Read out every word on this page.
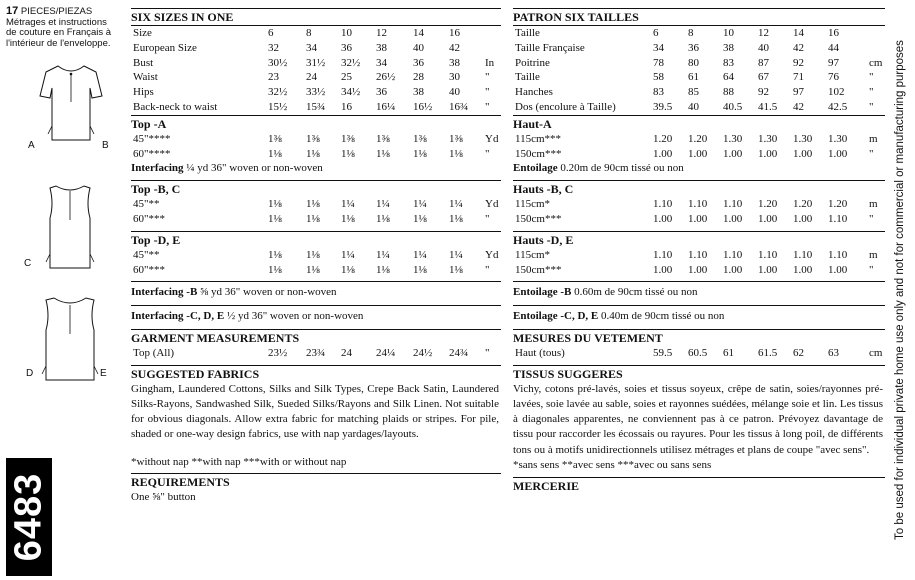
17 PIECES/PIEZAS
Métrages et instructions
de couture en Français à
l'intérieur de l'enveloppe.
A	B
C
D	E
6483
SIX SIZES IN ONE
Size	6	8	10 12 14 16
European Size	32 34 36 38 40 42
Bust	30½ 31½ 32½ 34 36 38 In
Waist	23 24 25 26½ 28 30 "
Hips	32½ 33½ 34½ 36 38 40 "
Back-neck to waist	15½ 15¾ 16 16¼ 16½ 16¾ "
Top -A
45"****	1⅜ 1⅜ 1⅜ 1⅜ 1⅜ 1⅜ Yd
60"****	1⅛ 1⅛ 1⅛ 1⅛ 1⅛ 1⅛ "
Interfacing ¼ yd 36" woven or non-woven
Top -B, C
45"**	1⅛ 1⅛ 1¼ 1¼ 1¼ 1¼ Yd
60"***	1⅛ 1⅛ 1⅛ 1⅛ 1⅛ 1⅛ "
Top -D, E
45"**	1⅛ 1⅛ 1¼ 1¼ 1¼ 1¼ Yd
60"***	1⅛ 1⅛ 1⅛ 1⅛ 1⅛ 1⅛ "
Interfacing -B ⅝ yd 36" woven or non-woven
Interfacing -C, D, E ½ yd 36" woven or non-woven
GARMENT MEASUREMENTS
Top (All)	23½ 23¾ 24 24¼ 24½ 24¾ "
SUGGESTED FABRICS
Gingham, Laundered Cottons, Silks and Silk Types, Crepe Back Satin, Laundered Silks-Rayons, Sandwashed Silk, Sueded Silks/Rayons and Silk Linen. Not suitable for obvious diagonals. Allow extra fabric for matching plaids or stripes. For pile, shaded or one-way design fabrics, use with nap yardages/layouts.
*without nap **with nap ***with or without nap
REQUIREMENTS
One ⅝" button
PATRON SIX TAILLES
Taille	6	8	10 12 14 16
Taille Française	34 36 38 40 42 44
Poitrine	78 80 83 87 92 97	cm
Taille	58 61 64 67 71 76	"
Hanches	83 85 88 92 97 102 "
Dos (encolure à Taille)	39.5 40 40.5 41.5 42 42.5 "
Haut-A
115cm***	1.20 1.20 1.30 1.30 1.30 1.30 m
150cm***	1.00 1.00 1.00 1.00 1.00 1.00 "
Entoilage 0.20m de 90cm tissé ou non
Hauts -B, C
115cm*	1.10 1.10 1.10 1.20 1.20 1.20 m
150cm***	1.00 1.00 1.00 1.00 1.00 1.10 "
Hauts -D, E
115cm*	1.10 1.10 1.10 1.10 1.10 1.10 m
150cm***	1.00 1.00 1.00 1.00 1.00 1.00 "
Entoilage -B 0.60m de 90cm tissé ou non
Entoilage -C, D, E 0.40m de 90cm tissé ou non
MESURES DU VETEMENT
Haut (tous)	59.5 60.5 61 61.5 62 63	cm
TISSUS SUGGERES
Vichy, cotons pré-lavés, soies et tissus soyeux, crêpe de satin, soies/rayonnes pré-lavées, soie lavée au sable, soies et rayonnes suédées, mélange soie et lin. Les tissus à diagonales apparentes, ne conviennent pas à ce patron. Prévoyez davantage de tissu pour raccorder les écossais ou rayures. Pour les tissus à long poil, de différents tons ou à motifs unidirectionnels utilisez métrages et plans de coupe "avec sens".
*sans sens **avec sens ***avec ou sans sens
MERCERIE	To be used for individual private home use only and not for commercial or manufacturing purposes
